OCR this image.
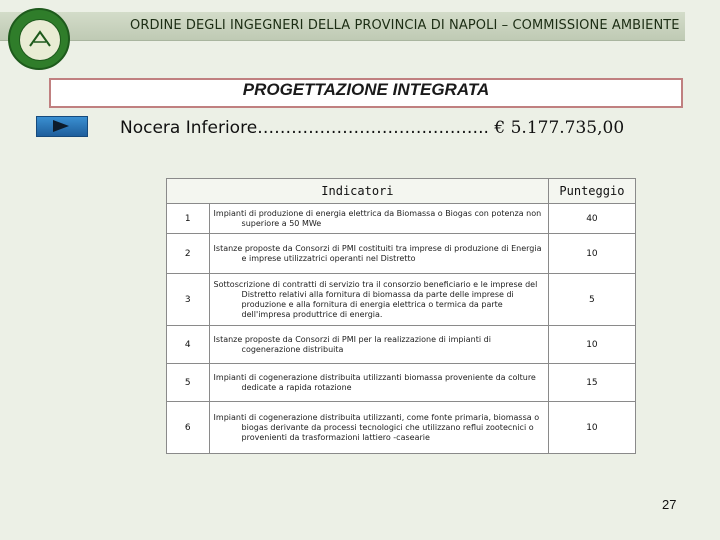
ORDINE DEGLI INGEGNERI DELLA PROVINCIA DI NAPOLI – COMMISSIONE AMBIENTE
PROGETTAZIONE INTEGRATA
Nocera Inferiore………………………………….. € 5.177.735,00
Indicatori		Punteggio
1	Impianti di produzione di energia elettrica da Biomassa o Biogas con potenza non superiore a 50 MWe	40
2	Istanze proposte da Consorzi di PMI costituiti tra imprese di produzione di Energia e imprese utilizzatrici operanti nel Distretto	10
3	Sottoscrizione di contratti di servizio tra il consorzio beneficiario e le imprese del Distretto relativi alla fornitura di biomassa da parte delle imprese di produzione e alla fornitura di energia elettrica o termica da parte dell'impresa produttrice di energia.	5
4	Istanze proposte da Consorzi di PMI per la realizzazione di impianti di cogenerazione distribuita	10
5	Impianti di cogenerazione distribuita utilizzanti biomassa proveniente da colture dedicate a rapida rotazione	15
6	Impianti di cogenerazione distribuita utilizzanti, come fonte primaria, biomassa o biogas derivante da processi tecnologici che utilizzano reflui zootecnici o provenienti da trasformazioni lattiero -casearie	10
27
